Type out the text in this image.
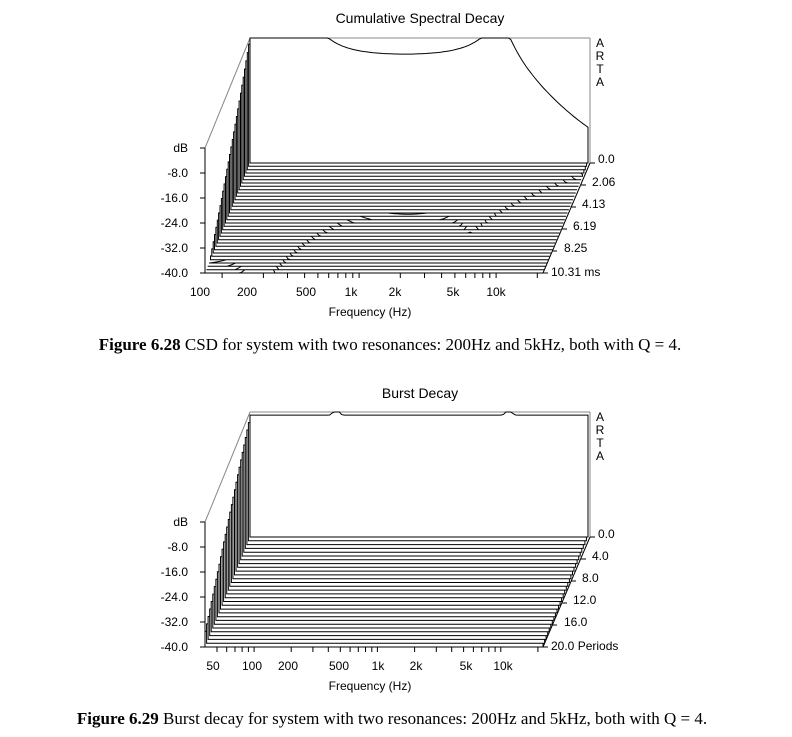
Cumulative Spectral Decay
A
R
T
A
dB
-8.0
-16.0
-24.0
-32.0
-40.0
0.0
2.06
4.13
6.19
8.25
10.31 ms
100 200	500 1k	2k	5k 10k
Frequency (Hz)
Figure 6.28 CSD for system with two resonances: 200Hz and 5kHz, both with Q = 4.
Burst Decay
A
R
T
A
dB
-8.0
-16.0
-24.0
-32.0
-40.0
0.0
4.0
8.0
12.0
16.0
20.0 Periods
50 100 200	500 1k 2k	5k 10k
Frequency (Hz)
Figure 6.29 Burst decay for system with two resonances: 200Hz and 5kHz, both with Q = 4.
